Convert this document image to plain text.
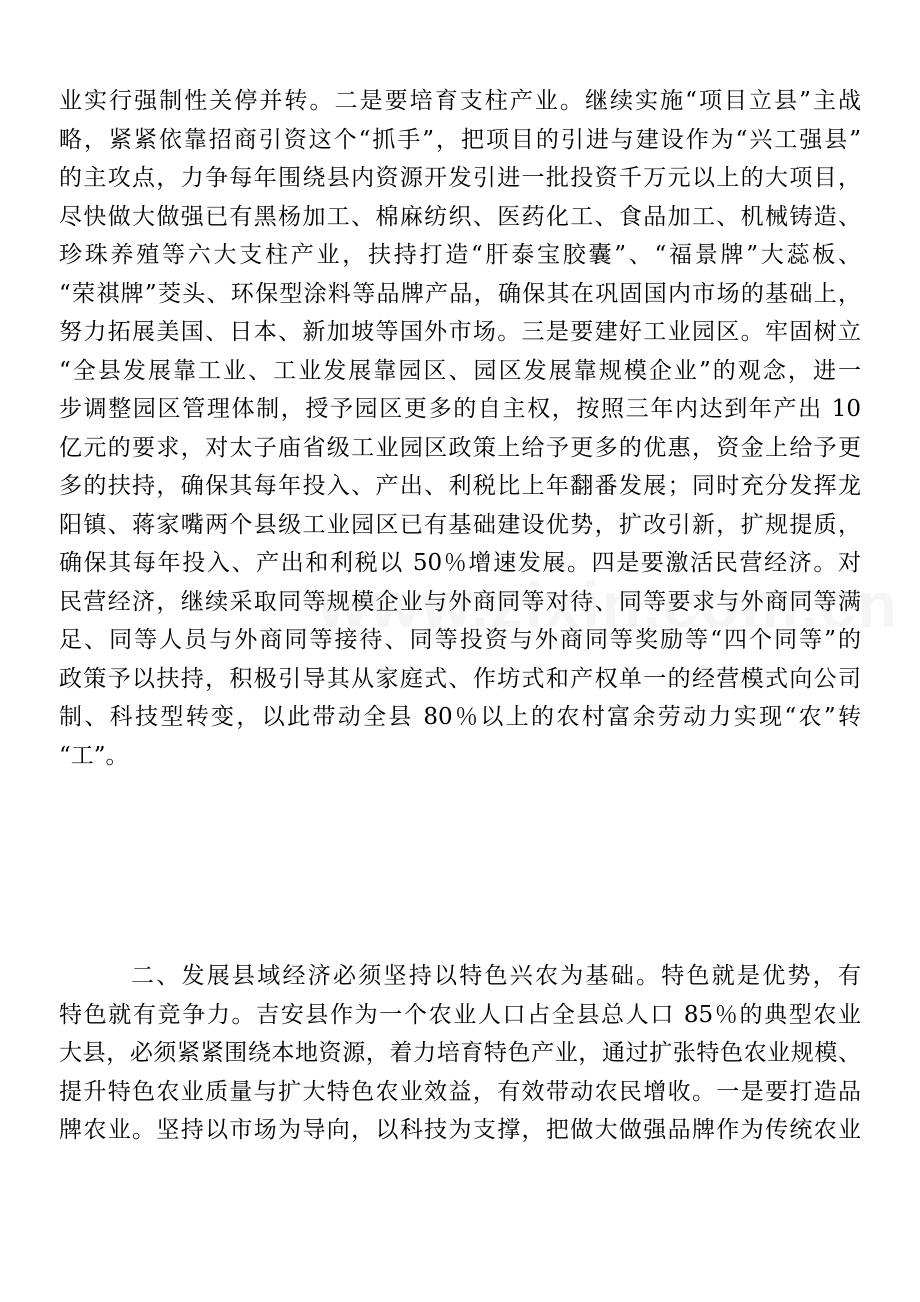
业实行强制性关停并转。二是要培育支柱产业。继续实施“项目立县”主战
略，紧紧依靠招商引资这个“抓手”，把项目的引进与建设作为“兴工强县”
的主攻点，力争每年围绕县内资源开发引进一批投资千万元以上的大项目，
尽快做大做强已有黑杨加工、棉麻纺织、医药化工、食品加工、机械铸造、
珍珠养殖等六大支柱产业，扶持打造“肝泰宝胶囊”、“福景牌”大蕊板、
“荣祺牌”茭头、环保型涂料等品牌产品，确保其在巩固国内市场的基础上，
努力拓展美国、日本、新加坡等国外市场。三是要建好工业园区。牢固树立
“全县发展靠工业、工业发展靠园区、园区发展靠规模企业”的观念，进一
步调整园区管理体制，授予园区更多的自主权，按照三年内达到年产出 10
亿元的要求，对太子庙省级工业园区政策上给予更多的优惠，资金上给予更
多的扶持，确保其每年投入、产出、利税比上年翻番发展；同时充分发挥龙
阳镇、蒋家嘴两个县级工业园区已有基础建设优势，扩改引新，扩规提质，
确保其每年投入、产出和利税以 50％增速发展。四是要激活民营经济。对
民营经济，继续采取同等规模企业与外商同等对待、同等要求与外商同等满
足、同等人员与外商同等接待、同等投资与外商同等奖励等“四个同等”的
政策予以扶持，积极引导其从家庭式、作坊式和产权单一的经营模式向公司
制、科技型转变，以此带动全县 80％以上的农村富余劳动力实现“农”转
“工”。
二、发展县域经济必须坚持以特色兴农为基础。特色就是优势，有
特色就有竞争力。吉安县作为一个农业人口占全县总人口 85％的典型农业
大县，必须紧紧围绕本地资源，着力培育特色产业，通过扩张特色农业规模、
提升特色农业质量与扩大特色农业效益，有效带动农民增收。一是要打造品
牌农业。坚持以市场为导向，以科技为支撑，把做大做强品牌作为传统农业
